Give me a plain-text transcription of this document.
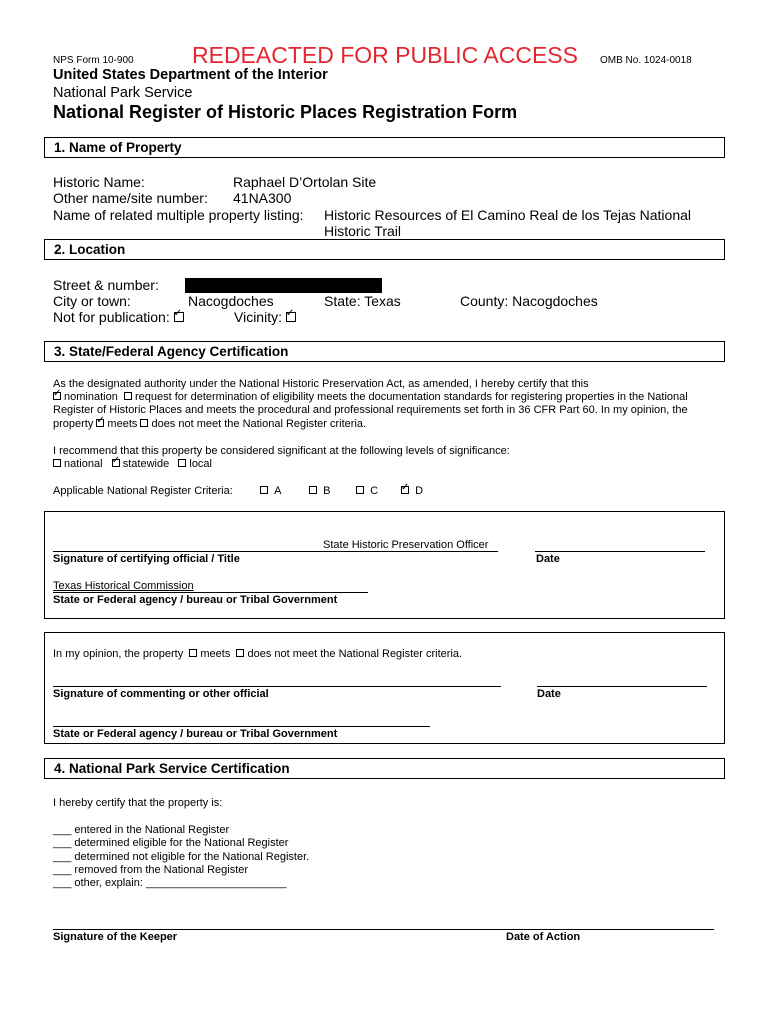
NPS Form 10-900	REDEACTED FOR PUBLIC ACCESS OMB No. 1024-0018
United States Department of the Interior
National Park Service
National Register of Historic Places Registration Form
1. Name of Property
Historic Name:	Raphael D’Ortolan Site
Other name/site number: 41NA300
Name of related multiple property listing: Historic Resources of El Camino Real de los Tejas National
Historic Trail
2. Location
Street & number:
City or town:	Nacogdoches	State: Texas	County: Nacogdoches
Not for publication: ✓	Vicinity: ✓
3. State/Federal Agency Certification
As the designated authority under the National Historic Preservation Act, as amended, I hereby certify that this
✓nomination request for determination of eligibility meets the documentation standards for registering properties in the National
Register of Historic Places and meets the procedural and professional requirements set forth in 36 CFR Part 60. In my opinion, the
property ✓ meets does not meet the National Register criteria.
I recommend that this property be considered significant at the following levels of significance:
national ✓ statewide local
Applicable National Register Criteria:	A	B	C ✓	D
State Historic Preservation Officer
Signature of certifying official / Title	Date
Texas Historical Commission
State or Federal agency / bureau or Tribal Government
In my opinion, the property meets does not meet the National Register criteria.
Signature of commenting or other official	Date
State or Federal agency / bureau or Tribal Government
4. National Park Service Certification
I hereby certify that the property is:
___ entered in the National Register
___ determined eligible for the National Register
___ determined not eligible for the National Register.
___ removed from the National Register
___ other, explain: _______________________
Signature of the Keeper	Date of Action
